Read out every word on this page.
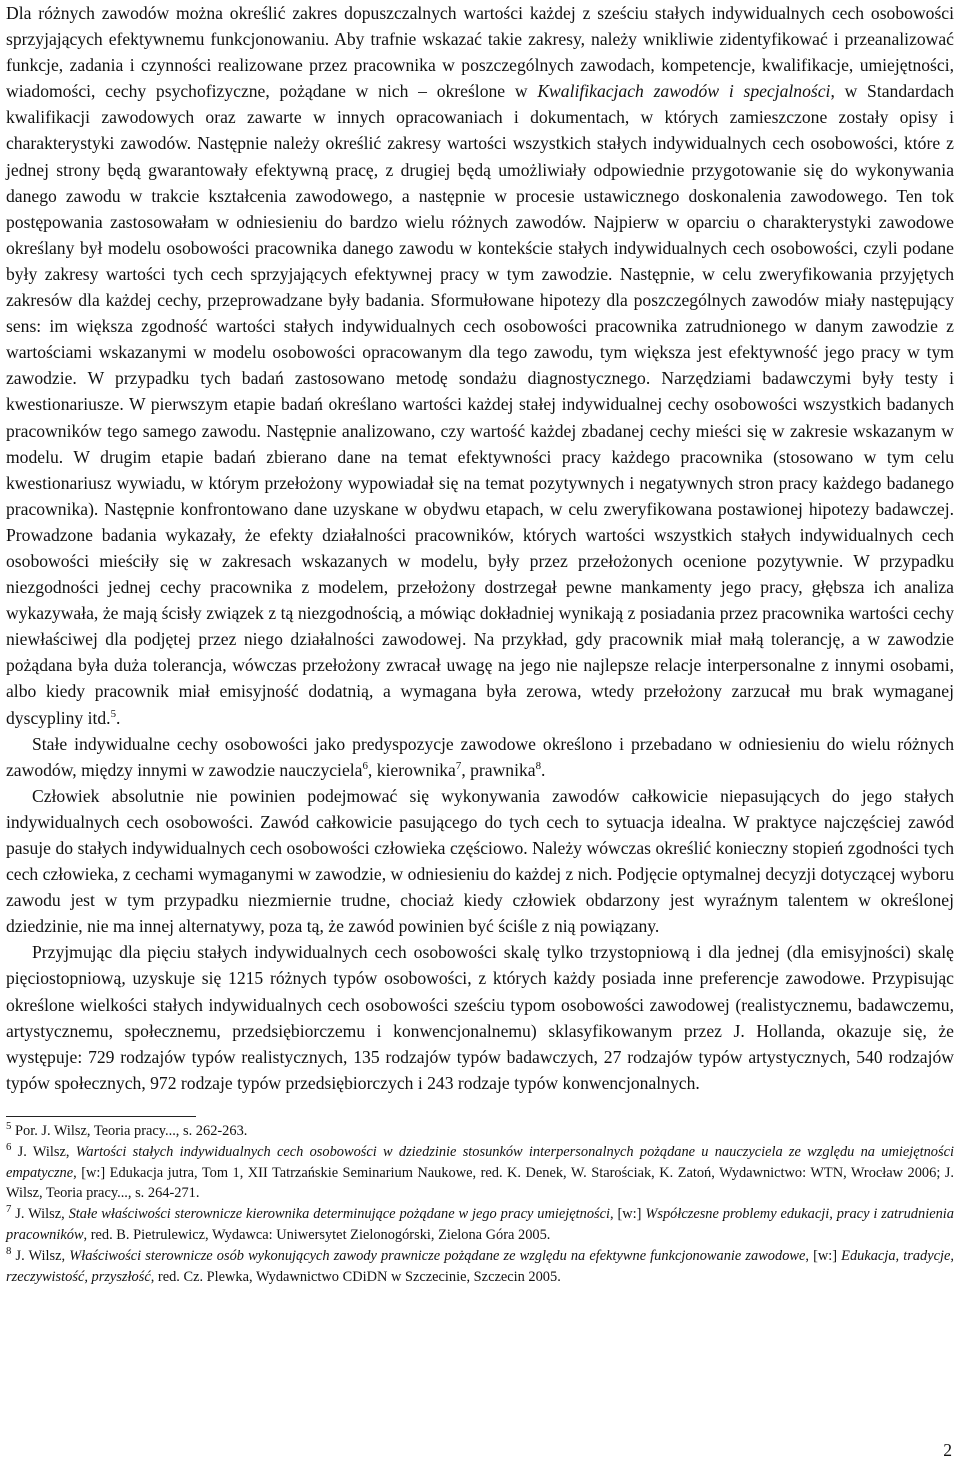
Dla różnych zawodów można określić zakres dopuszczalnych wartości każdej z sześciu stałych indywidualnych cech osobowości sprzyjających efektywnemu funkcjonowaniu. Aby trafnie wskazać takie zakresy, należy wnikliwie zidentyfikować i przeanalizować funkcje, zadania i czynności realizowane przez pracownika w poszczególnych zawodach, kompetencje, kwalifikacje, umiejętności, wiadomości, cechy psychofizyczne, pożądane w nich – określone w Kwalifikacjach zawodów i specjalności, w Standardach kwalifikacji zawodowych oraz zawarte w innych opracowaniach i dokumentach, w których zamieszczone zostały opisy i charakterystyki zawodów. Następnie należy określić zakresy wartości wszystkich stałych indywidualnych cech osobowości, które z jednej strony będą gwarantowały efektywną pracę, z drugiej będą umożliwiały odpowiednie przygotowanie się do wykonywania danego zawodu w trakcie kształcenia zawodowego, a następnie w procesie ustawicznego doskonalenia zawodowego. Ten tok postępowania zastosowałam w odniesieniu do bardzo wielu różnych zawodów. Najpierw w oparciu o charakterystyki zawodowe określany był modelu osobowości pracownika danego zawodu w kontekście stałych indywidualnych cech osobowości, czyli podane były zakresy wartości tych cech sprzyjających efektywnej pracy w tym zawodzie. Następnie, w celu zweryfikowania przyjętych zakresów dla każdej cechy, przeprowadzane były badania. Sformułowane hipotezy dla poszczególnych zawodów miały następujący sens: im większa zgodność wartości stałych indywidualnych cech osobowości pracownika zatrudnionego w danym zawodzie z wartościami wskazanymi w modelu osobowości opracowanym dla tego zawodu, tym większa jest efektywność jego pracy w tym zawodzie. W przypadku tych badań zastosowano metodę sondażu diagnostycznego. Narzędziami badawczymi były testy i kwestionariusze. W pierwszym etapie badań określano wartości każdej stałej indywidualnej cechy osobowości wszystkich badanych pracowników tego samego zawodu. Następnie analizowano, czy wartość każdej zbadanej cechy mieści się w zakresie wskazanym w modelu. W drugim etapie badań zbierano dane na temat efektywności pracy każdego pracownika (stosowano w tym celu kwestionariusz wywiadu, w którym przełożony wypowiadał się na temat pozytywnych i negatywnych stron pracy każdego badanego pracownika). Następnie konfrontowano dane uzyskane w obydwu etapach, w celu zweryfikowana postawionej hipotezy badawczej. Prowadzone badania wykazały, że efekty działalności pracowników, których wartości wszystkich stałych indywidualnych cech osobowości mieściły się w zakresach wskazanych w modelu, były przez przełożonych ocenione pozytywnie. W przypadku niezgodności jednej cechy pracownika z modelem, przełożony dostrzegał pewne mankamenty jego pracy, głębsza ich analiza wykazywała, że mają ścisły związek z tą niezgodnością, a mówiąc dokładniej wynikają z posiadania przez pracownika wartości cechy niewłaściwej dla podjętej przez niego działalności zawodowej. Na przykład, gdy pracownik miał małą tolerancję, a w zawodzie pożądana była duża tolerancja, wówczas przełożony zwracał uwagę na jego nie najlepsze relacje interpersonalne z innymi osobami, albo kiedy pracownik miał emisyjność dodatnią, a wymagana była zerowa, wtedy przełożony zarzucał mu brak wymaganej dyscypliny itd.$^5$.

Stałe indywidualne cechy osobowości jako predyspozycje zawodowe określono i przebadano w odniesieniu do wielu różnych zawodów, między innymi w zawodzie nauczyciela$^6$, kierownika$^7$, prawnika$^8$.

Człowiek absolutnie nie powinien podejmować się wykonywania zawodów całkowicie niepasujących do jego stałych indywidualnych cech osobowości. Zawód całkowicie pasującego do tych cech to sytuacja idealna. W praktyce najczęściej zawód pasuje do stałych indywidualnych cech osobowości człowieka częściowo. Należy wówczas określić konieczny stopień zgodności tych cech człowieka, z cechami wymaganymi w zawodzie, w odniesieniu do każdej z nich. Podjęcie optymalnej decyzji dotyczącej wyboru zawodu jest w tym przypadku niezmiernie trudne, chociaż kiedy człowiek obdarzony jest wyraźnym talentem w określonej dziedzinie, nie ma innej alternatywy, poza tą, że zawód powinien być ściśle z nią powiązany.

Przyjmując dla pięciu stałych indywidualnych cech osobowości skalę tylko trzystopniową i dla jednej (dla emisyjności) skalę pięciostopniową, uzyskuje się 1215 różnych typów osobowości, z których każdy posiada inne preferencje zawodowe. Przypisując określone wielkości stałych indywidualnych cech osobowości sześciu typom osobowości zawodowej (realistycznemu, badawczemu, artystycznemu, społecznemu, przedsiębiorczemu i konwencjonalnemu) sklasyfikowanym przez J. Hollanda, okazuje się, że występuje: 729 rodzajów typów realistycznych, 135 rodzajów typów badawczych, 27 rodzajów typów artystycznych, 540 rodzajów typów społecznych, 972 rodzaje typów przedsiębiorczych i 243 rodzaje typów konwencjonalnych.

$^5$ Por. J. Wilsz, Teoria pracy..., s. 262-263.

$^6$ J. Wilsz, Wartości stałych indywidualnych cech osobowości w dziedzinie stosunków interpersonalnych pożądane u nauczyciela ze względu na umiejętności empatyczne, [w:] Edukacja jutra, Tom 1, XII Tatrzańskie Seminarium Naukowe, red. K. Denek, W. Starościak, K. Zatoń, Wydawnictwo: WTN, Wrocław 2006; J. Wilsz, Teoria pracy..., s. 264-271.

$^7$ J. Wilsz, Stałe właściwości sterownicze kierownika determinujące pożądane w jego pracy umiejętności, [w:] Współczesne problemy edukacji, pracy i zatrudnienia pracowników, red. B. Pietrulewicz, Wydawca: Uniwersytet Zielonogórski, Zielona Góra 2005.

$^8$ J. Wilsz, Właściwości sterownicze osób wykonujących zawody prawnicze pożądane ze względu na efektywne funkcjonowanie zawodowe, [w:] Edukacja, tradycje, rzeczywistość, przyszłość, red. Cz. Plewka, Wydawnictwo CDiDN w Szczecinie, Szczecin 2005.

2
